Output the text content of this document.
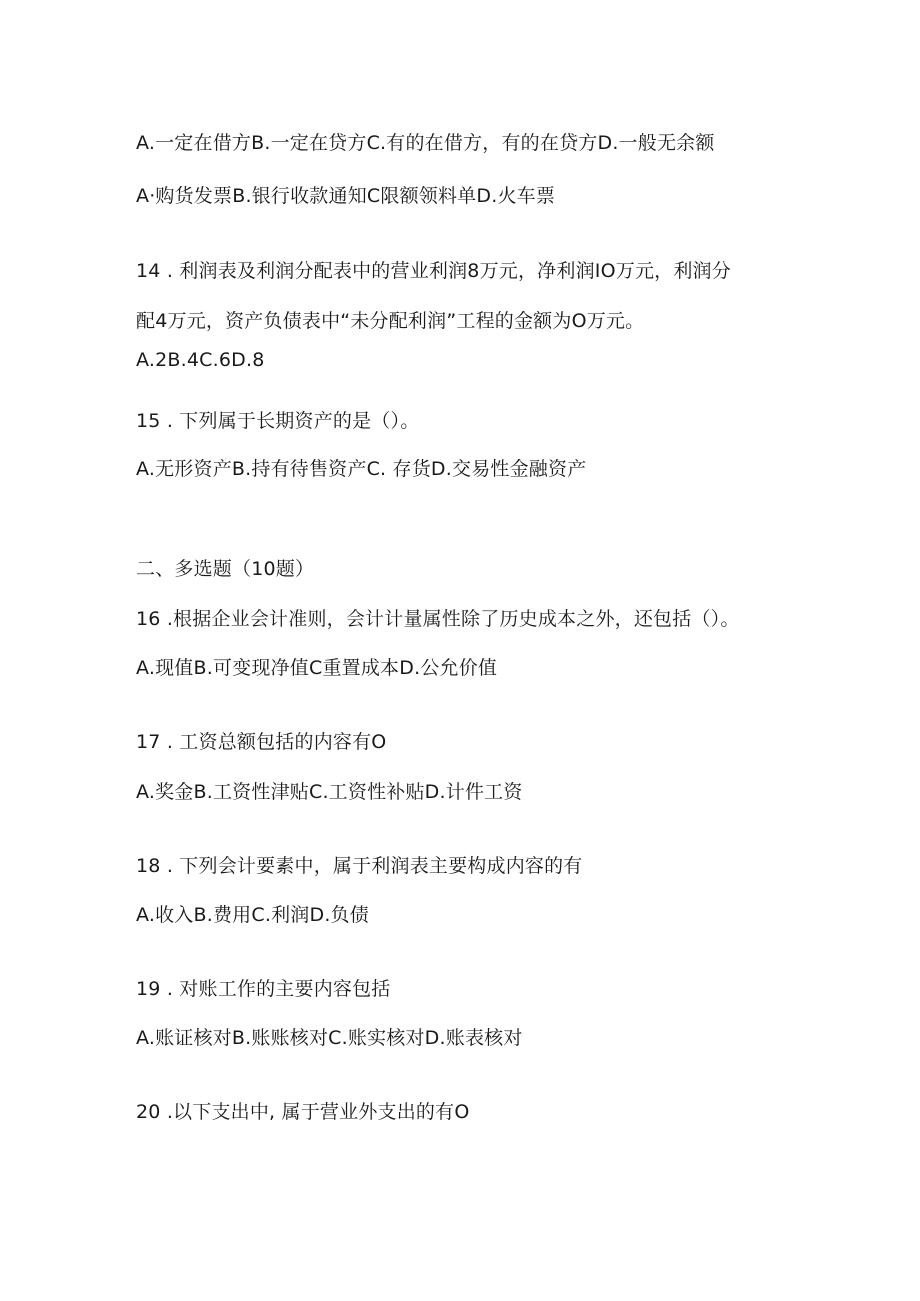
A.一定在借方B.一定在贷方C.有的在借方，有的在贷方D.一般无余额
A·购货发票B.银行收款通知C限额领料单D.火车票
14 . 利润表及利润分配表中的营业利润8万元，净利润IO万元，利润分
配4万元，资产负债表中“未分配利润”工程的金额为O万元。
A.2B.4C.6D.8
15 . 下列属于长期资产的是（）。
A.无形资产B.持有待售资产C. 存货D.交易性金融资产
二、多选题（10题）
16 .根据企业会计准则，会计计量属性除了历史成本之外，还包括（）。
A.现值B.可变现净值C重置成本D.公允价值
17 . 工资总额包括的内容有O
A.奖金B.工资性津贴C.工资性补贴D.计件工资
18 . 下列会计要素中，属于利润表主要构成内容的有
A.收入B.费用C.利润D.负债
19 . 对账工作的主要内容包括
A.账证核对B.账账核对C.账实核对D.账表核对
20 .以下支出中, 属于营业外支出的有O
